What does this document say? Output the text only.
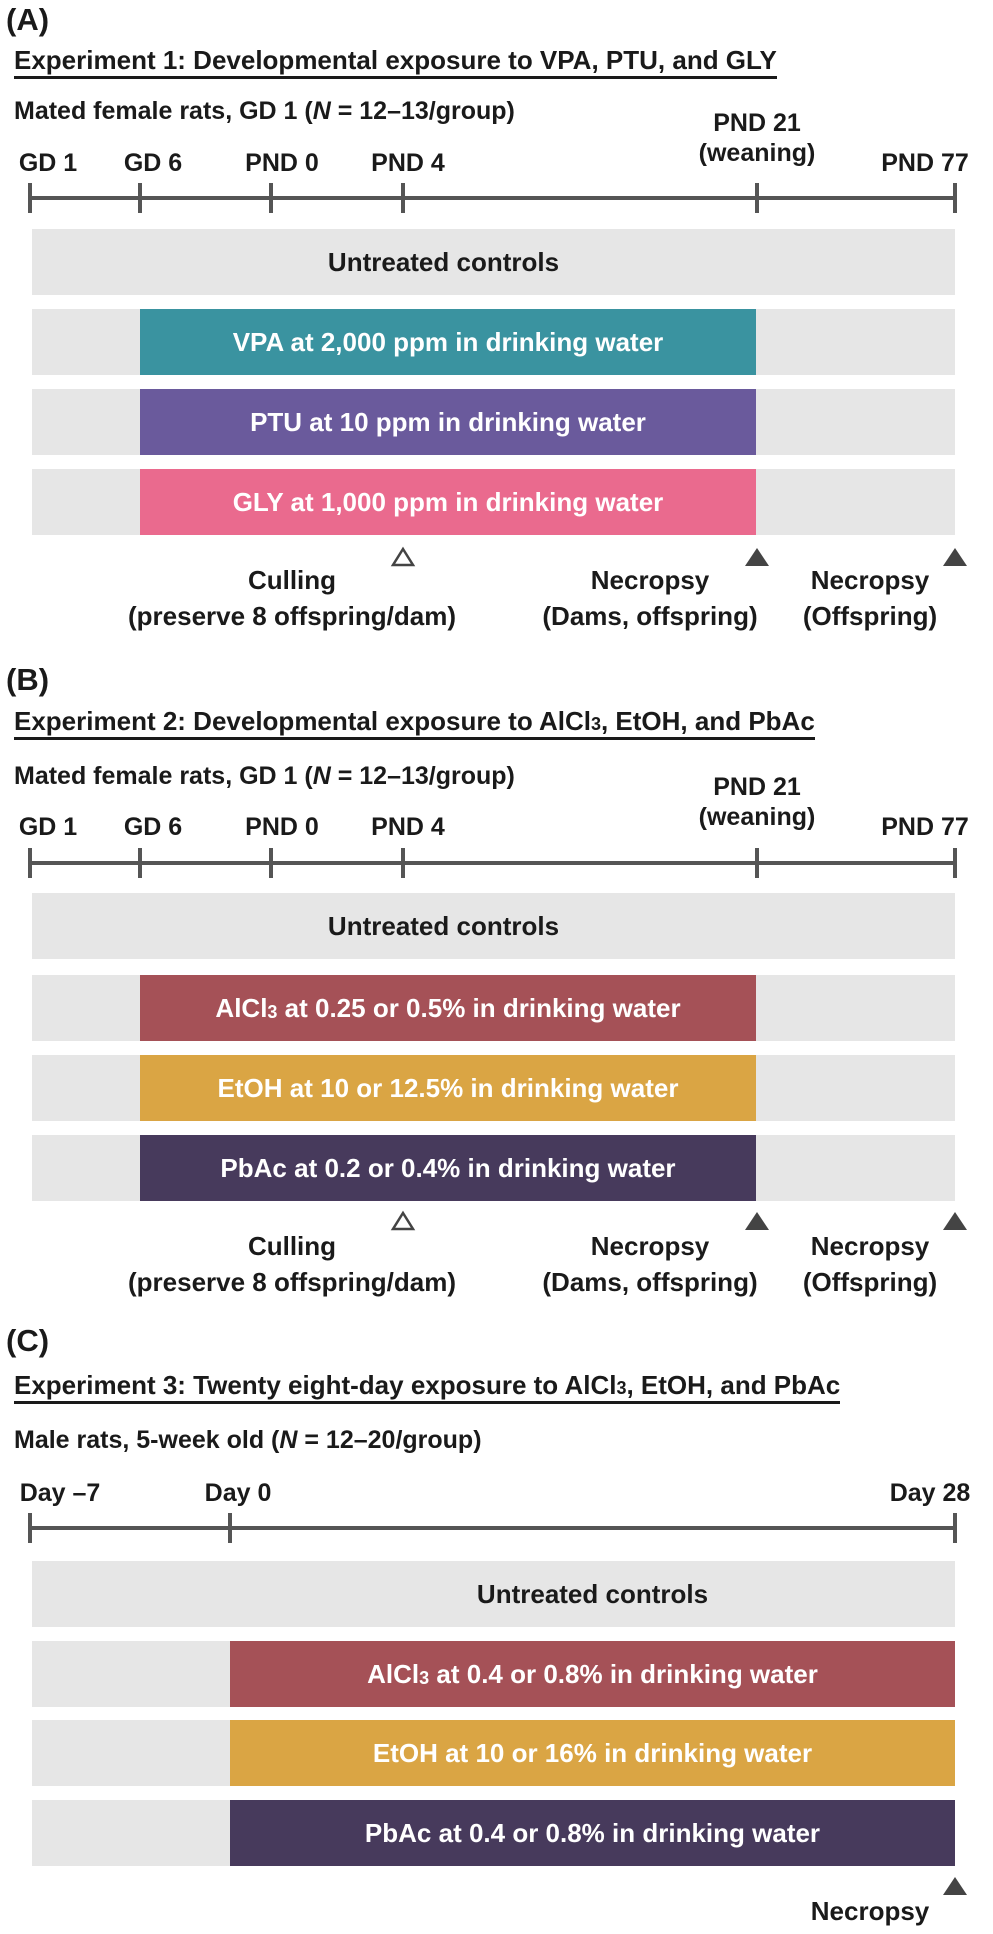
(A)
Experiment 1: Developmental exposure to VPA, PTU, and GLY
Mated female rats, GD 1 (N = 12–13/group)
GD 1 GD 6	PND 0 PND 4
PND 21
(weaning)	PND 77
Untreated controls
VPA at 2,000 ppm in drinking water
PTU at 10 ppm in drinking water
GLY at 1,000 ppm in drinking water
Culling
(preserve 8 offspring/dam)
Necropsy
(Dams, offspring)
Necropsy
(Offspring)
(B)
Experiment 2: Developmental exposure to AlCl3, EtOH, and PbAc
Mated female rats, GD 1 (N = 12–13/group)
GD 1 GD 6	PND 0 PND 4
PND 21
(weaning)	PND 77
Untreated controls
AlCl 3 at 0.25 or 0.5% in drinking water
EtOH at 10 or 12.5% in drinking water
PbAc at 0.2 or 0.4% in drinking water
Culling
(preserve 8 offspring/dam)
Necropsy
(Dams, offspring)
Necropsy
(Offspring)
(C)
Experiment 3: Twenty eight-day exposure to AlCl3, EtOH, and PbAc
Male rats, 5-week old (N = 12–20/group)
Day –7	Day 0	Day 28
Untreated controls
AlCl 3 at 0.4 or 0.8% in drinking water
EtOH at 10 or 16% in drinking water
PbAc at 0.4 or 0.8% in drinking water
Necropsy
